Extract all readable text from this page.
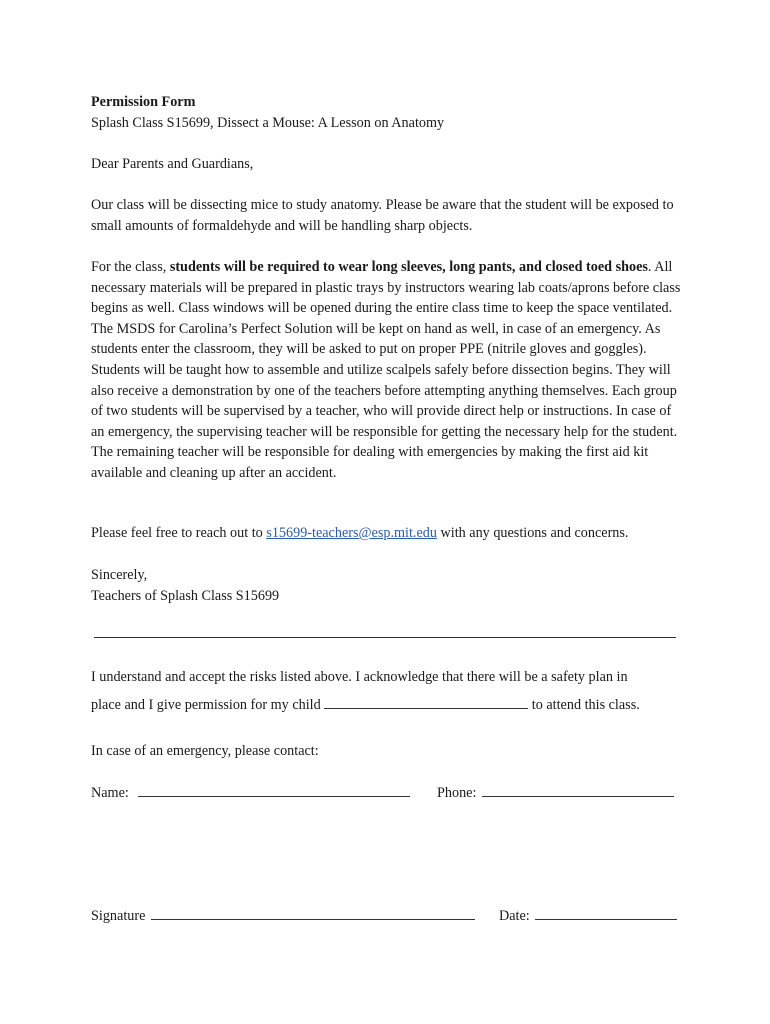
Permission Form

Splash Class S15699, Dissect a Mouse: A Lesson on Anatomy

Dear Parents and Guardians,

Our class will be dissecting mice to study anatomy. Please be aware that the student will be exposed to small amounts of formaldehyde and will be handling sharp objects.

For the class, students will be required to wear long sleeves, long pants, and closed toed shoes. All necessary materials will be prepared in plastic trays by instructors wearing lab coats/aprons before class begins as well. Class windows will be opened during the entire class time to keep the space ventilated. The MSDS for Carolina’s Perfect Solution will be kept on hand as well, in case of an emergency. As students enter the classroom, they will be asked to put on proper PPE (nitrile gloves and goggles). Students will be taught how to assemble and utilize scalpels safely before dissection begins. They will also receive a demonstration by one of the teachers before attempting anything themselves. Each group of two students will be supervised by a teacher, who will provide direct help or instructions. In case of an emergency, the supervising teacher will be responsible for getting the necessary help for the student. The remaining teacher will be responsible for dealing with emergencies by making the first aid kit available and cleaning up after an accident.

Please feel free to reach out to s15699-teachers@esp.mit.edu with any questions and concerns.

Sincerely,

Teachers of Splash Class S15699

I understand and accept the risks listed above. I acknowledge that there will be a safety plan in
place and I give permission for my child	to attend this class.
In case of an emergency, please contact:
Name:	Phone:
Signature	Date:
